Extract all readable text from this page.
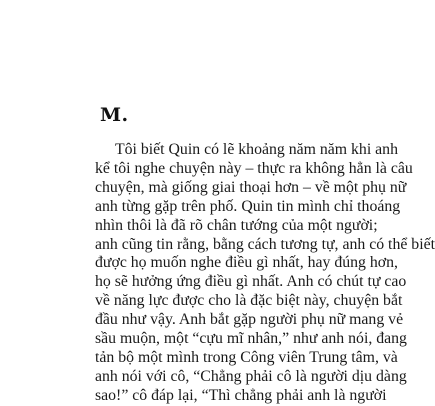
M.
Tôi biết Quin có lẽ khoảng năm năm khi anh
kể tôi nghe chuyện này – thực ra không hẳn là câu
chuyện, mà giống giai thoại hơn – về một phụ nữ
anh từng gặp trên phố. Quin tin mình chỉ thoáng
nhìn thôi là đã rõ chân tướng của một người;
anh cũng tin rằng, bằng cách tương tự, anh có thể biết
được họ muốn nghe điều gì nhất, hay đúng hơn,
họ sẽ hưởng ứng điều gì nhất. Anh có chút tự cao
về năng lực được cho là đặc biệt này, chuyện bắt
đầu như vậy. Anh bắt gặp người phụ nữ mang vẻ
sầu muộn, một “cựu mĩ nhân,” như anh nói, đang
tản bộ một mình trong Công viên Trung tâm, và
anh nói với cô, “Chẳng phải cô là người dịu dàng
sao!” cô đáp lại, “Thì chẳng phải anh là người
